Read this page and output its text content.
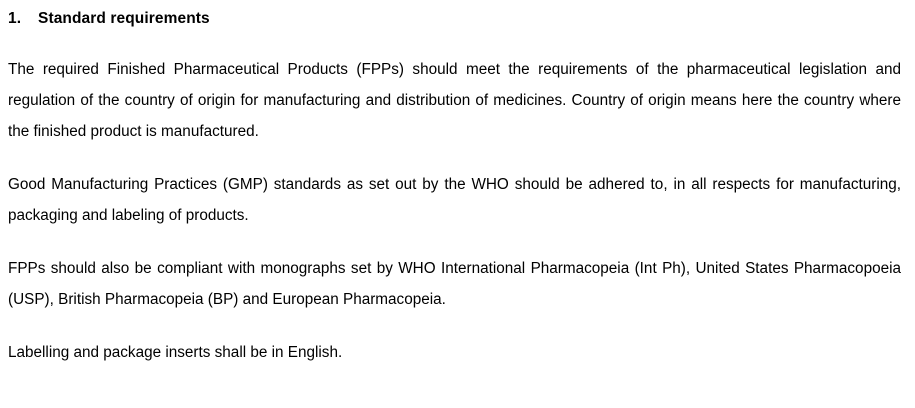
1.	Standard requirements

The required Finished Pharmaceutical Products (FPPs) should meet the requirements of the pharmaceutical legislation and regulation of the country of origin for manufacturing and distribution of medicines. Country of origin means here the country where the finished product is manufactured.

Good Manufacturing Practices (GMP) standards as set out by the WHO should be adhered to, in all respects for manufacturing, packaging and labeling of products.

FPPs should also be compliant with monographs set by WHO International Pharmacopeia (Int Ph), United States Pharmacopoeia (USP), British Pharmacopeia (BP) and European Pharmacopeia.

Labelling and package inserts shall be in English.
